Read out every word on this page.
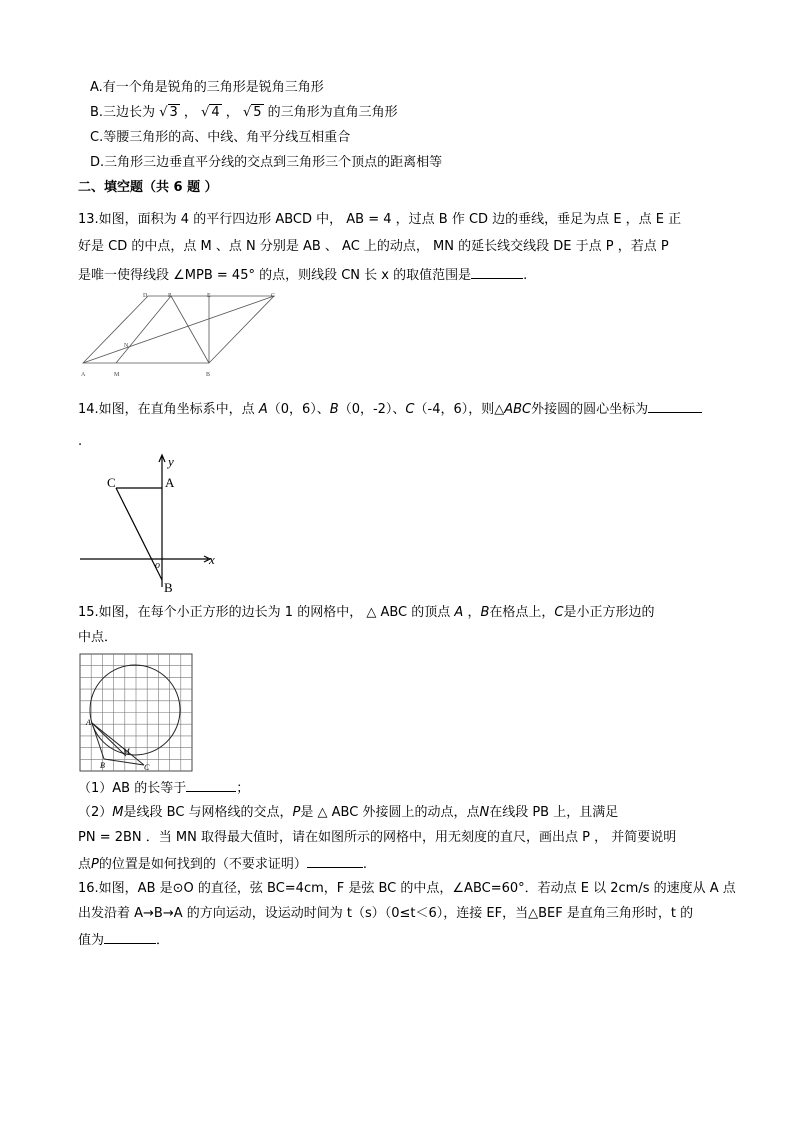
A.有一个角是锐角的三角形是锐角三角形
B.三边长为 √ 3 ， √ 4 ， √ 5 的三角形为直角三角形
C.等腰三角形的高、中线、角平分线互相重合
D.三角形三边垂直平分线的交点到三角形三个顶点的距离相等
二、填空题（共 6 题 ）
13.如图，面积为 4 的平行四边形 ABCD 中， AB = 4 ，过点 B 作 CD 边的垂线，垂足为点 E ，点 E 正
好是 CD 的中点，点 M 、点 N 分别是 AB 、 AC 上的动点， MN 的延长线交线段 DE 于点 P ，若点 P
是唯一使得线段 ∠MPB = 45° 的点，则线段 CN 长 x 的取值范围是	.
D	P	E	C
N
A	M	B
14.如图，在直角坐标系中，点 A（0，6）、B（0，-2）、C（-4，6），则△ABC外接圆的圆心坐标为
.
y
x
o
A
B
C
15.如图，在每个小正方形的边长为 1 的网格中， △ ABC 的顶点 A ，B在格点上，C是小正方形边的
中点．
A
M
B	C
（1）AB 的长等于	；
（2）M是线段 BC 与网格线的交点，P是 △ ABC 外接圆上的动点，点N在线段 PB 上，且满足
PN = 2BN ．当 MN 取得最大值时，请在如图所示的网格中，用无刻度的直尺，画出点 P ， 并简要说明
点P的位置是如何找到的（不要求证明）	.
16.如图，AB 是⊙O 的直径，弦 BC=4cm，F 是弦 BC 的中点，∠ABC=60°．若动点 E 以 2cm/s 的速度从 A 点
出发沿着 A→B→A 的方向运动，设运动时间为 t（s）（0≤t＜6），连接 EF，当△BEF 是直角三角形时，t 的
值为	．
